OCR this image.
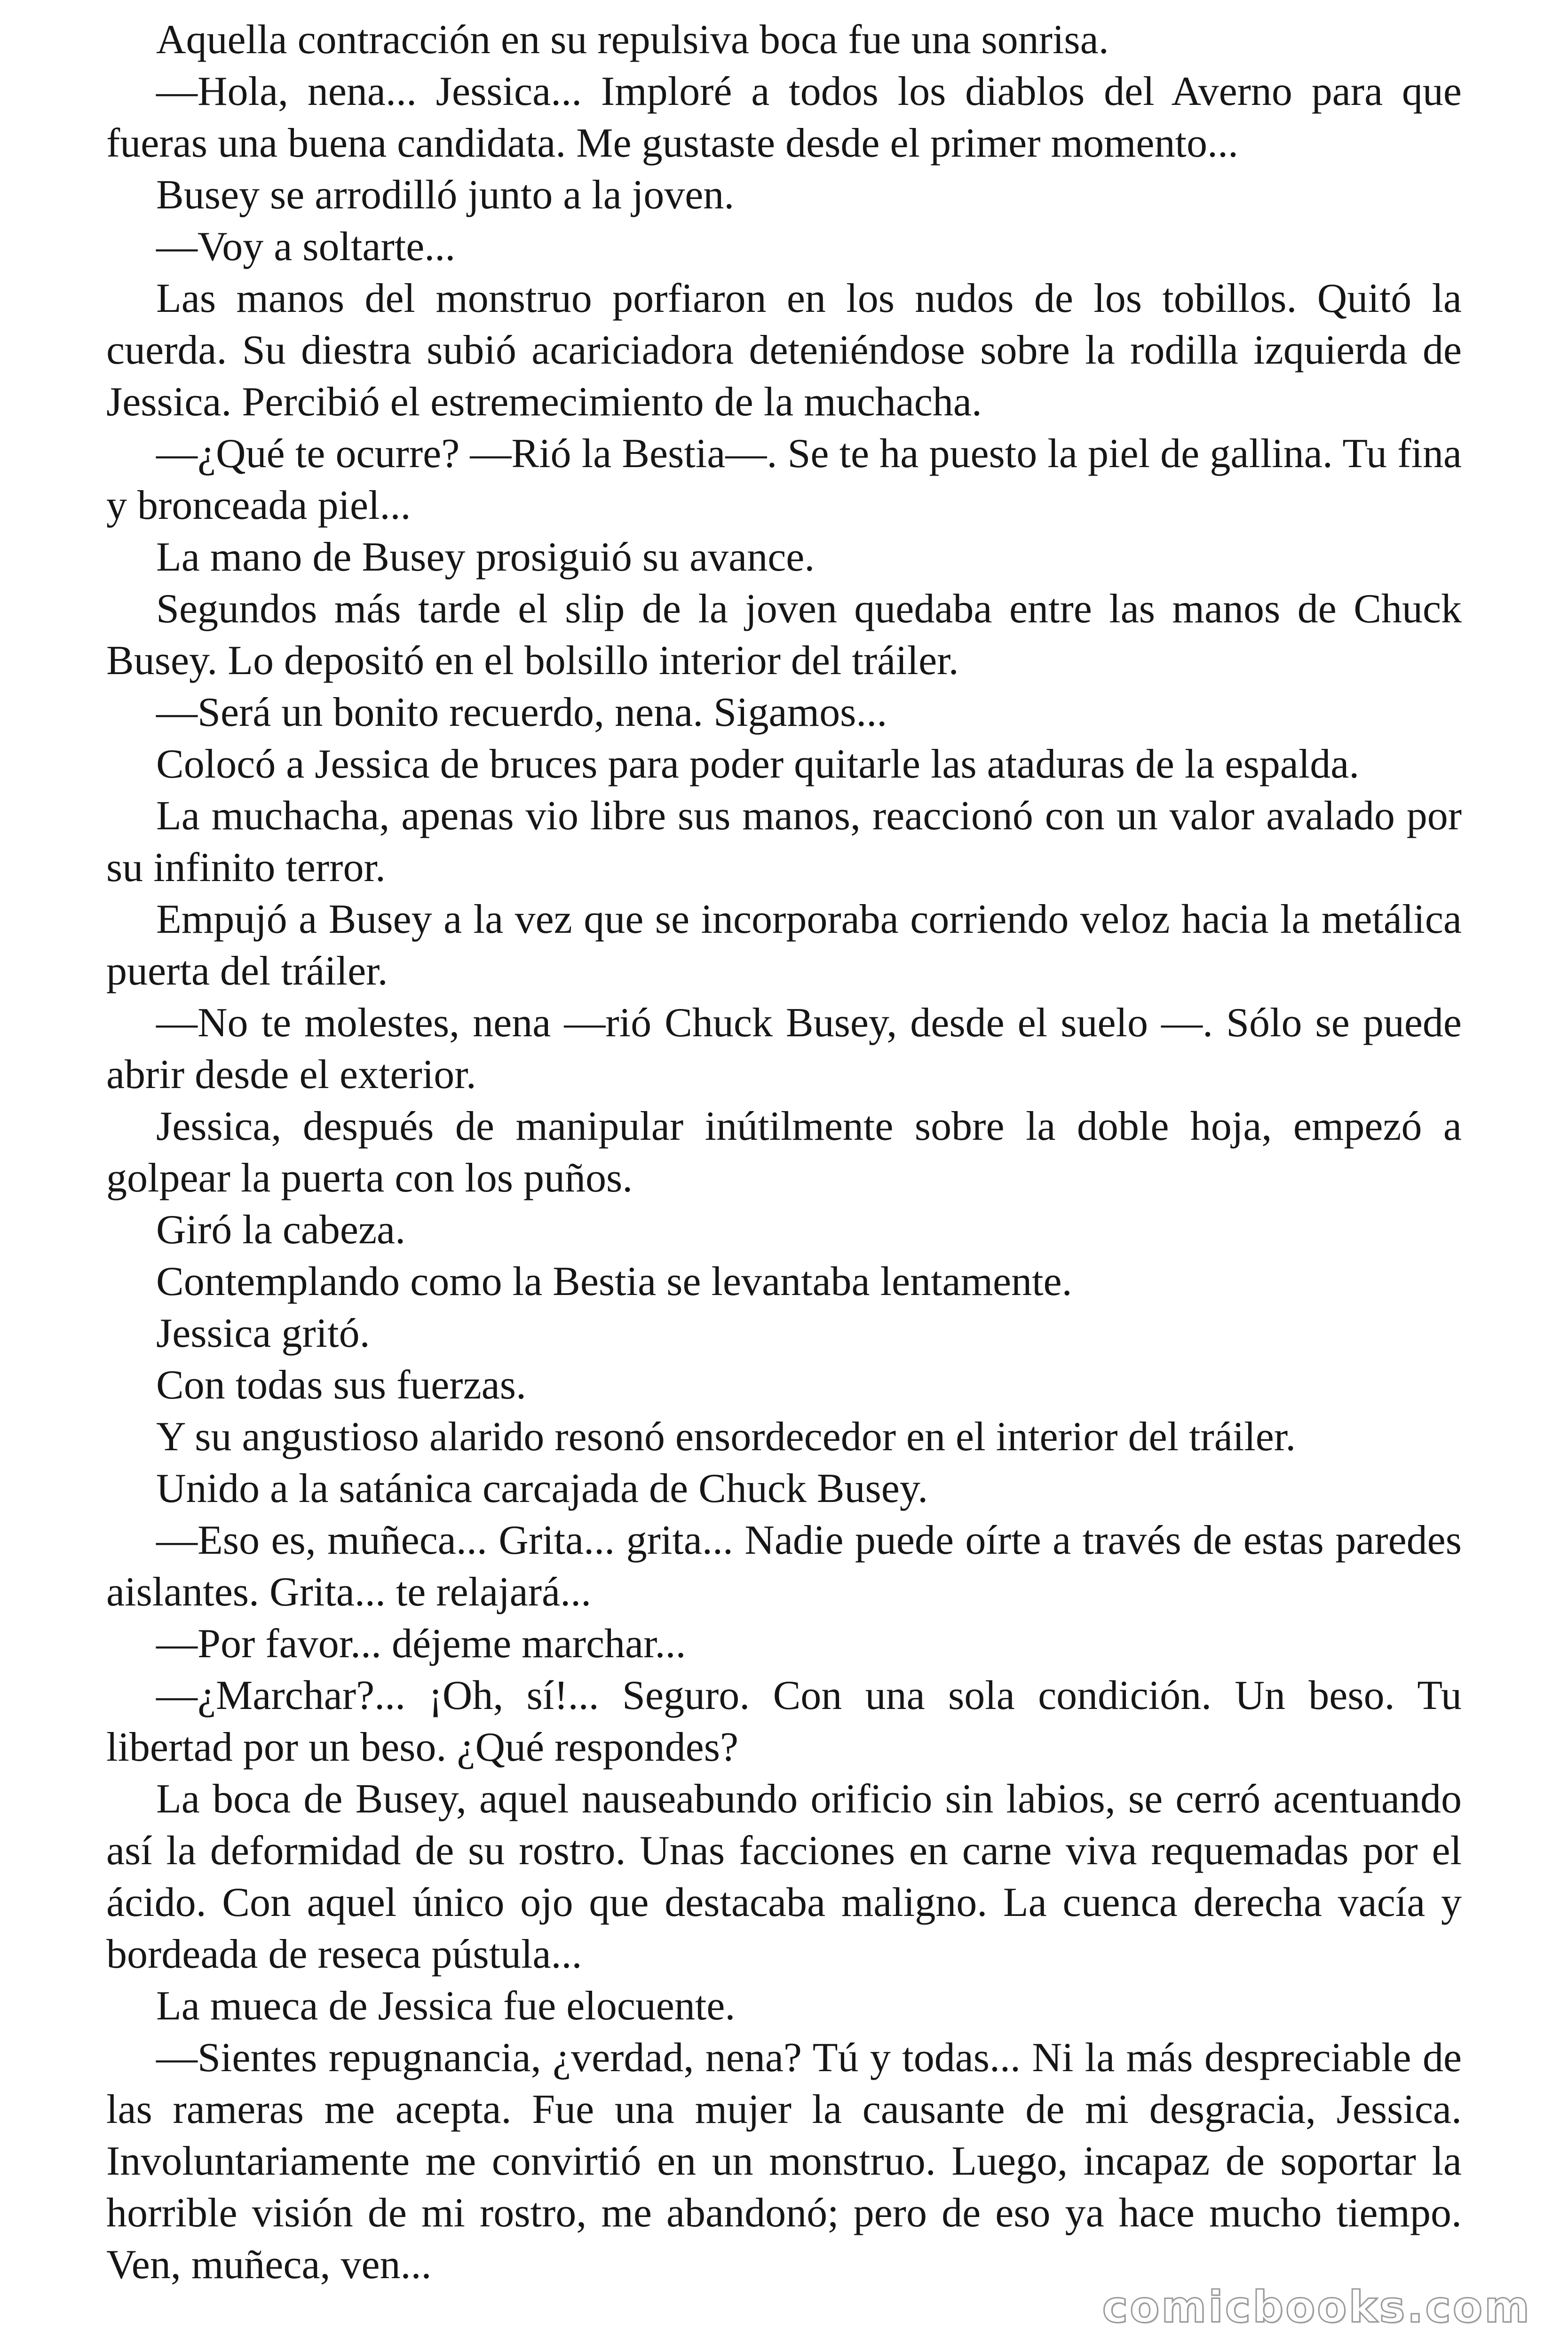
Aquella contracción en su repulsiva boca fue una sonrisa.

—Hola, nena... Jessica... Imploré a todos los diablos del Averno para que fueras una buena candidata. Me gustaste desde el primer momento...

Busey se arrodilló junto a la joven.

—Voy a soltarte...

Las manos del monstruo porfiaron en los nudos de los tobillos. Quitó la cuerda. Su diestra subió acariciadora deteniéndose sobre la rodilla izquierda de Jessica. Percibió el estremecimiento de la muchacha.

—¿Qué te ocurre? —Rió la Bestia—. Se te ha puesto la piel de gallina. Tu fina y bronceada piel...

La mano de Busey prosiguió su avance.

Segundos más tarde el slip de la joven quedaba entre las manos de Chuck Busey. Lo depositó en el bolsillo interior del tráiler.

—Será un bonito recuerdo, nena. Sigamos...

Colocó a Jessica de bruces para poder quitarle las ataduras de la espalda.

La muchacha, apenas vio libre sus manos, reaccionó con un valor avalado por su infinito terror.

Empujó a Busey a la vez que se incorporaba corriendo veloz hacia la metálica puerta del tráiler.

—No te molestes, nena —rió Chuck Busey, desde el suelo —. Sólo se puede abrir desde el exterior.

Jessica, después de manipular inútilmente sobre la doble hoja, empezó a golpear la puerta con los puños.

Giró la cabeza.

Contemplando como la Bestia se levantaba lentamente.

Jessica gritó.

Con todas sus fuerzas.

Y su angustioso alarido resonó ensordecedor en el interior del tráiler.

Unido a la satánica carcajada de Chuck Busey.

—Eso es, muñeca... Grita... grita... Nadie puede oírte a través de estas paredes aislantes. Grita... te relajará...

—Por favor... déjeme marchar...

—¿Marchar?... ¡Oh, sí!... Seguro. Con una sola condición. Un beso. Tu libertad por un beso. ¿Qué respondes?

La boca de Busey, aquel nauseabundo orificio sin labios, se cerró acentuando así la deformidad de su rostro. Unas facciones en carne viva requemadas por el ácido. Con aquel único ojo que destacaba maligno. La cuenca derecha vacía y bordeada de reseca pústula...

La mueca de Jessica fue elocuente.

—Sientes repugnancia, ¿verdad, nena? Tú y todas... Ni la más despreciable de las rameras me acepta. Fue una mujer la causante de mi desgracia, Jessica. Involuntariamente me convirtió en un monstruo. Luego, incapaz de soportar la horrible visión de mi rostro, me abandonó; pero de eso ya hace mucho tiempo. Ven, muñeca, ven...

comicbooks.com
